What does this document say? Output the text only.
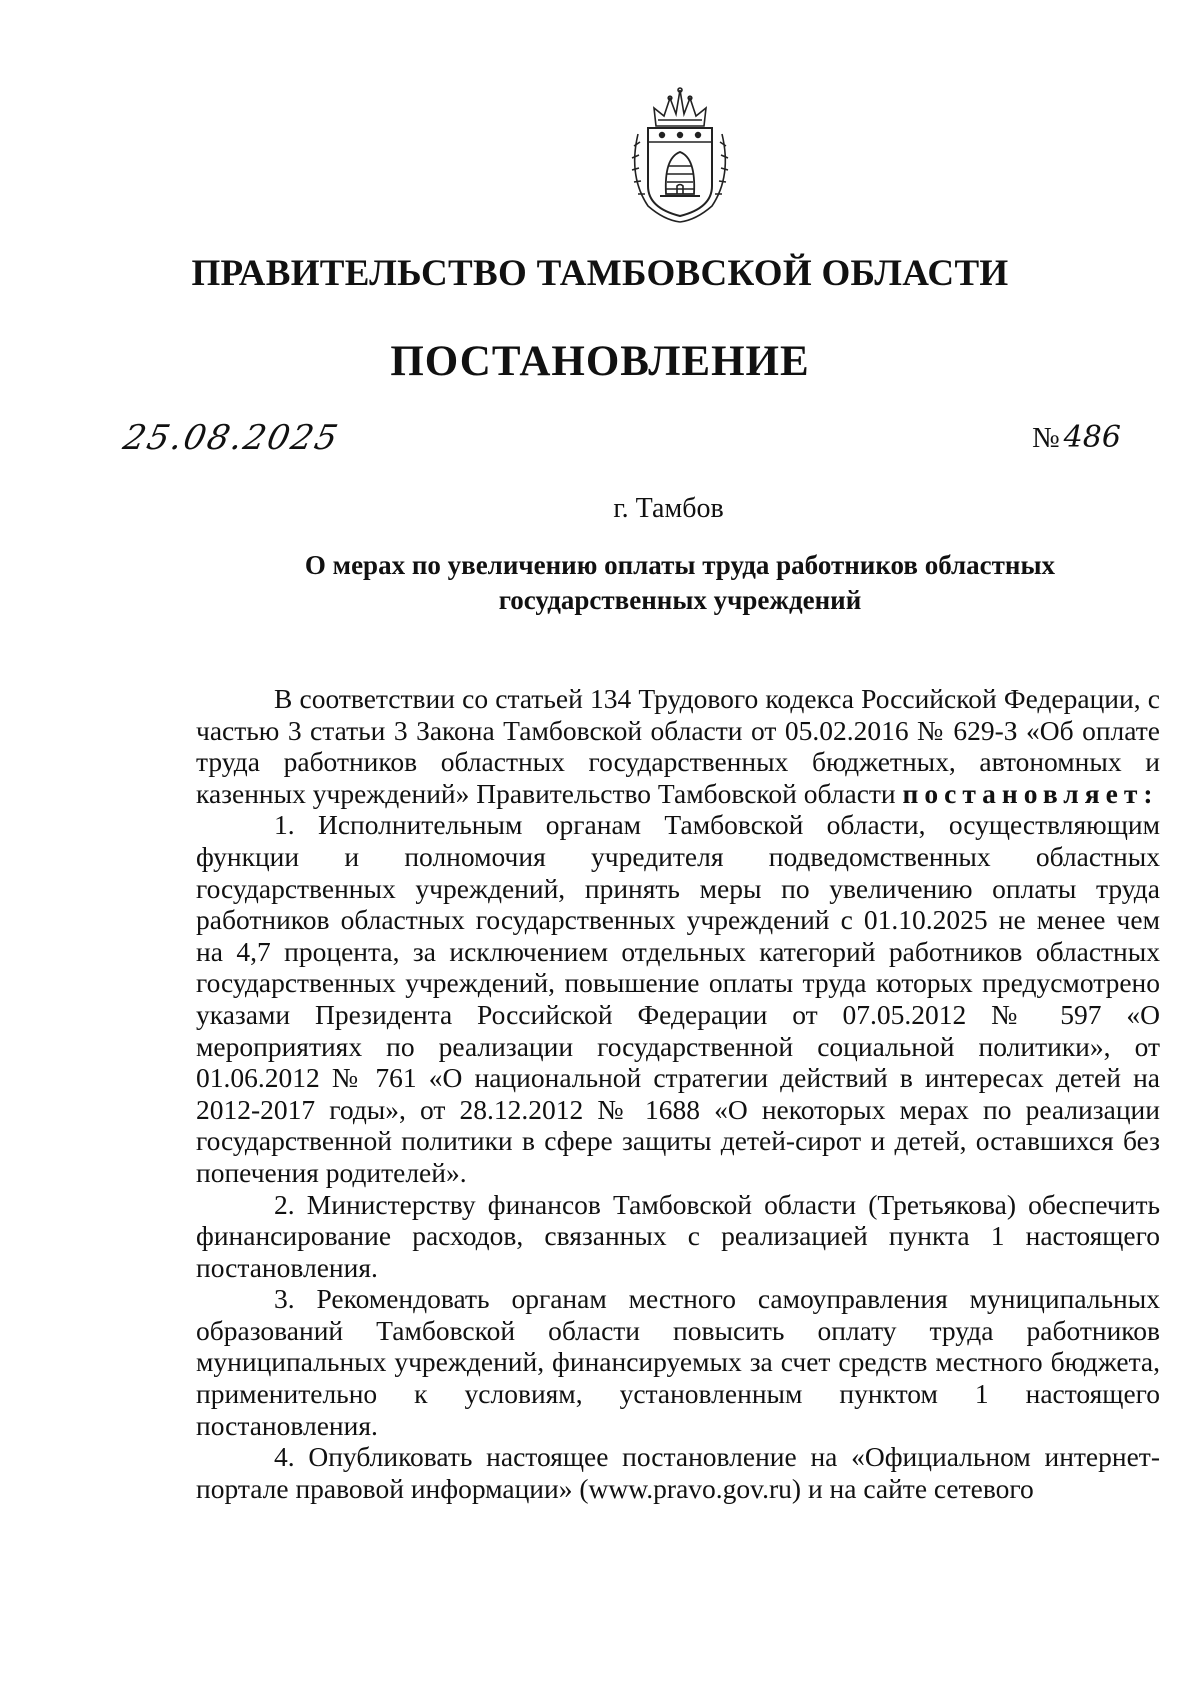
ПРАВИТЕЛЬСТВО ТАМБОВСКОЙ ОБЛАСТИ
ПОСТАНОВЛЕНИЕ
25.08.2025	№ 486
г. Тамбов
О мерах по увеличению оплаты труда работников областных
государственных учреждений

В соответствии со статьей 134 Трудового кодекса Российской Федерации, с частью 3 статьи 3 Закона Тамбовской области от 05.02.2016 № 629-З «Об оплате труда работников областных государственных бюджетных, автономных и казенных учреждений» Правительство Тамбовской области постановляет:

1. Исполнительным органам Тамбовской области, осуществляющим функции и полномочия учредителя подведомственных областных государственных учреждений, принять меры по увеличению оплаты труда работников областных государственных учреждений с 01.10.2025 не менее чем на 4,7 процента, за исключением отдельных категорий работников областных государственных учреждений, повышение оплаты труда которых предусмотрено указами Президента Российской Федерации от 07.05.2012 № 597 «О мероприятиях по реализации государственной социальной политики», от 01.06.2012 № 761 «О национальной стратегии действий в интересах детей на 2012-2017 годы», от 28.12.2012 № 1688 «О некоторых мерах по реализации государственной политики в сфере защиты детей-сирот и детей, оставшихся без попечения родителей».

2. Министерству финансов Тамбовской области (Третьякова) обеспечить финансирование расходов, связанных с реализацией пункта 1 настоящего постановления.

3. Рекомендовать органам местного самоуправления муниципальных образований Тамбовской области повысить оплату труда работников муниципальных учреждений, финансируемых за счет средств местного бюджета, применительно к условиям, установленным пунктом 1 настоящего постановления.

4. Опубликовать настоящее постановление на «Официальном интернет-портале правовой информации» (www.pravo.gov.ru) и на сайте сетевого
